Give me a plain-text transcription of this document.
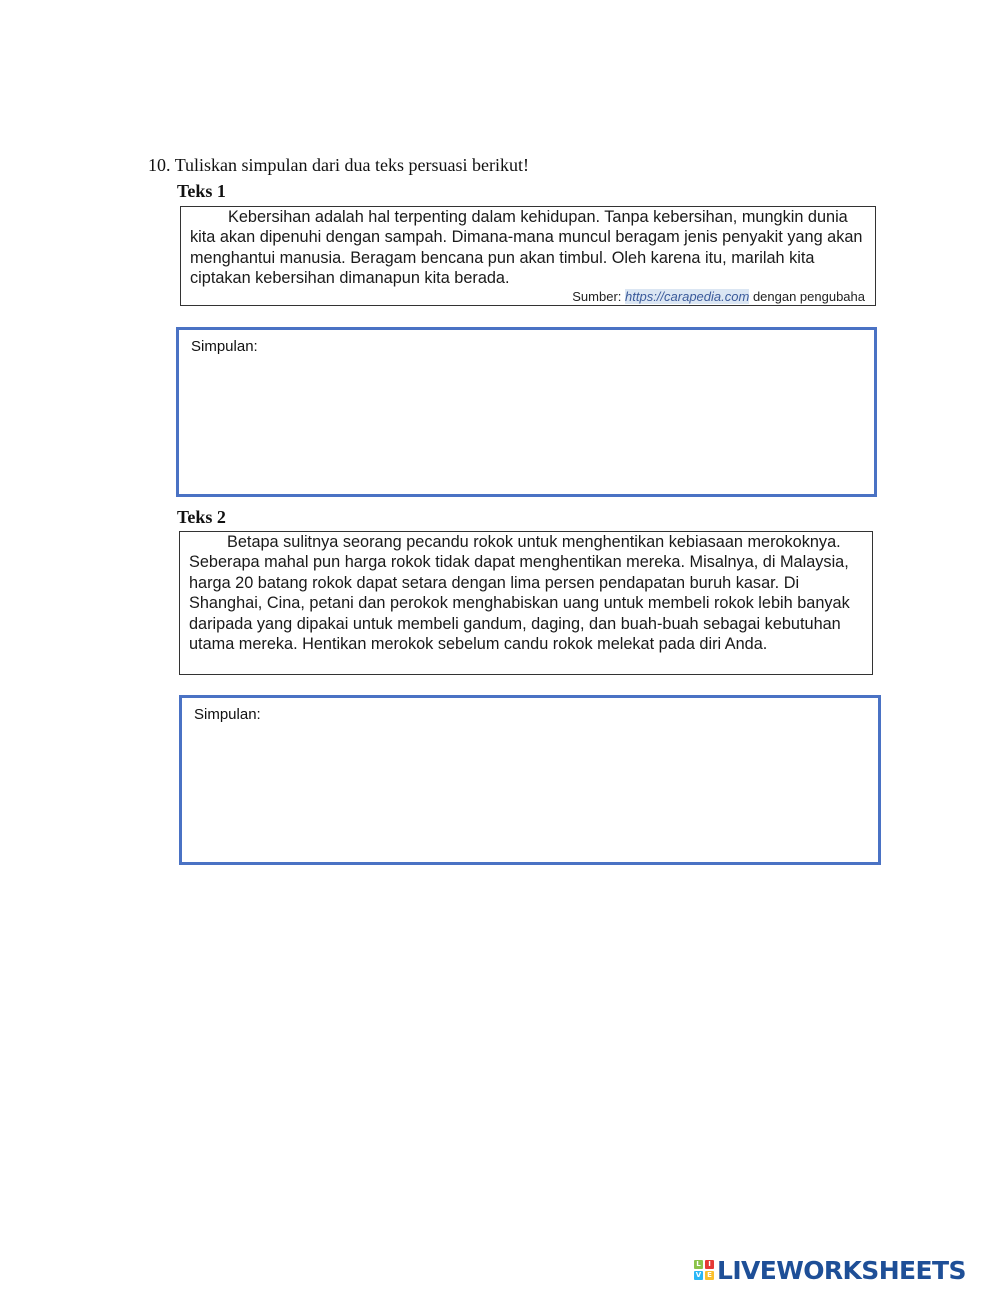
10. Tuliskan simpulan dari dua teks persuasi berikut!
Teks 1

Kebersihan adalah hal terpenting dalam kehidupan. Tanpa kebersihan, mungkin dunia kita akan dipenuhi dengan sampah. Dimana-mana muncul beragam jenis penyakit yang akan menghantui manusia. Beragam bencana pun akan timbul. Oleh karena itu, marilah kita ciptakan kebersihan dimanapun kita berada.

Sumber: https://carapedia.com dengan pengubaha
Simpulan:
Teks 2

Betapa sulitnya seorang pecandu rokok untuk menghentikan kebiasaan merokoknya. Seberapa mahal pun harga rokok tidak dapat menghentikan mereka. Misalnya, di Malaysia, harga 20 batang rokok dapat setara dengan lima persen pendapatan buruh kasar. Di Shanghai, Cina, petani dan perokok menghabiskan uang untuk membeli rokok lebih banyak daripada yang dipakai untuk membeli gandum, daging, dan buah-buah sebagai kebutuhan utama mereka. Hentikan merokok sebelum candu rokok melekat pada diri Anda.

Simpulan:
L	I
V E LIVEWORKSHEETS
